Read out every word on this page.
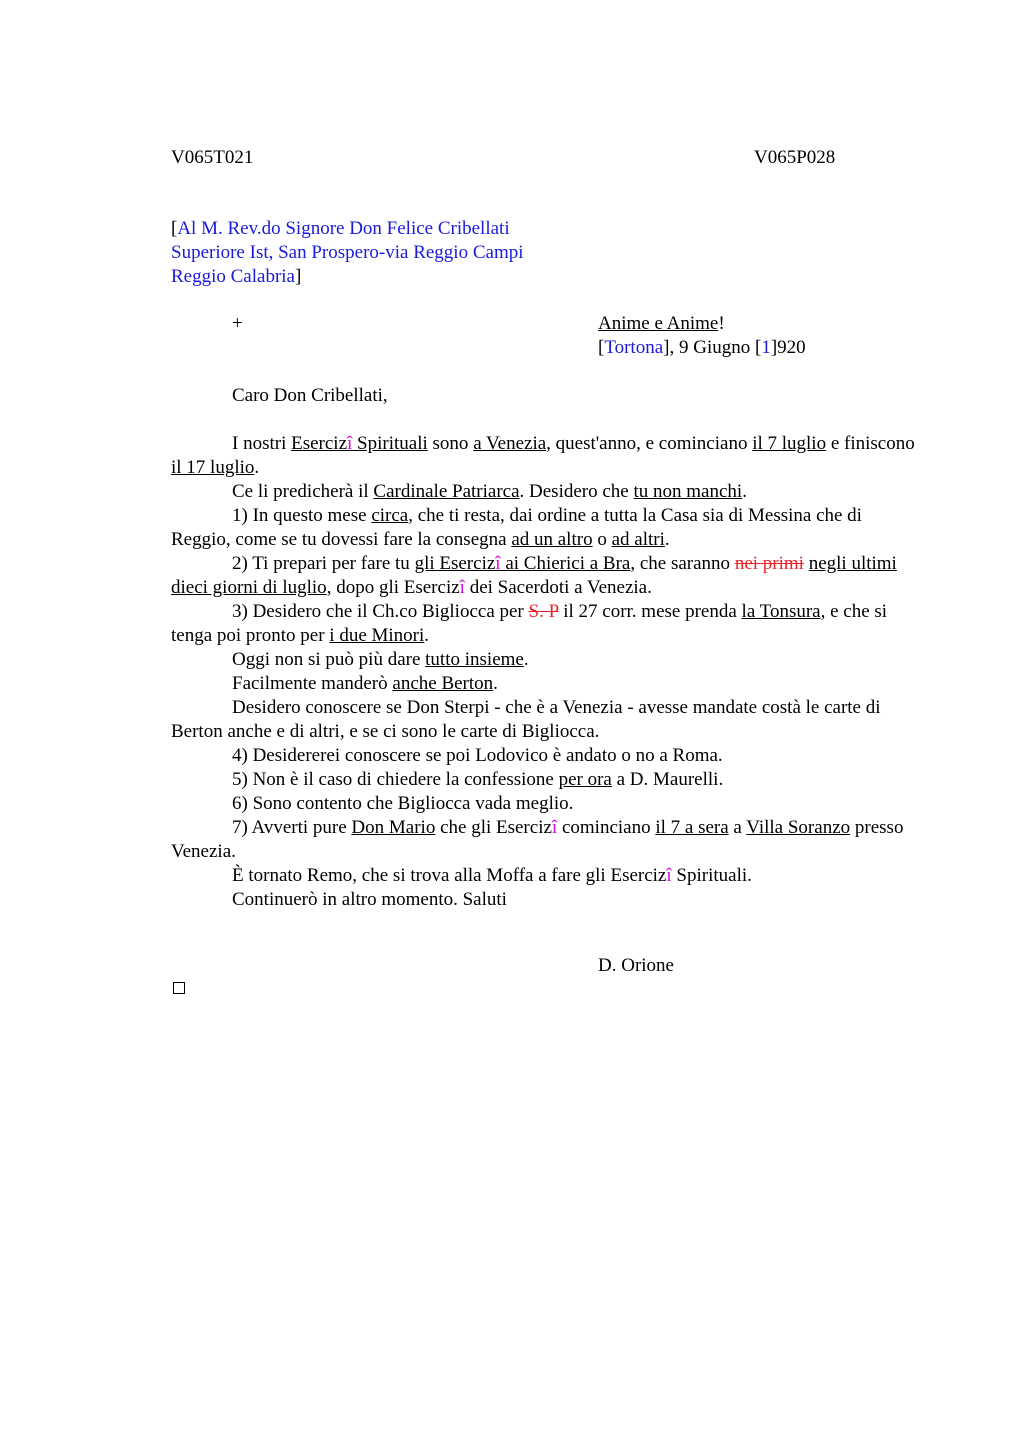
V065T021	V065P028
[Al M. Rev.do Signore Don Felice Cribellati
Superiore Ist, San Prospero-via Reggio Campi
Reggio Calabria]
+	Anime e Anime!
[Tortona], 9 Giugno [1]920
Caro Don Cribellati,

I nostri Esercizî Spirituali sono a Venezia, quest'anno, e cominciano il 7 luglio e finiscono il 17 luglio.

Ce li predicherà il Cardinale Patriarca. Desidero che tu non manchi.

1) In questo mese circa, che ti resta, dai ordine a tutta la Casa sia di Messina che di Reggio, come se tu dovessi fare la consegna ad un altro o ad altri.

2) Ti prepari per fare tu gli Esercizî ai Chierici a Bra, che saranno nei primi negli ultimi dieci giorni di luglio, dopo gli Esercizî dei Sacerdoti a Venezia.

3) Desidero che il Ch.co Bigliocca per S. P il 27 corr. mese prenda la Tonsura, e che si tenga poi pronto per i due Minori.

Oggi non si può più dare tutto insieme.

Facilmente manderò anche Berton.

Desidero conoscere se Don Sterpi - che è a Venezia - avesse mandate costà le carte di Berton anche e di altri, e se ci sono le carte di Bigliocca.

4) Desidererei conoscere se poi Lodovico è andato o no a Roma.

5) Non è il caso di chiedere la confessione per ora a D. Maurelli.

6) Sono contento che Bigliocca vada meglio.

7) Avverti pure Don Mario che gli Esercizî cominciano il 7 a sera a Villa Soranzo presso Venezia.

È tornato Remo, che si trova alla Moffa a fare gli Esercizî Spirituali.

Continuerò in altro momento. Saluti

D. Orione
